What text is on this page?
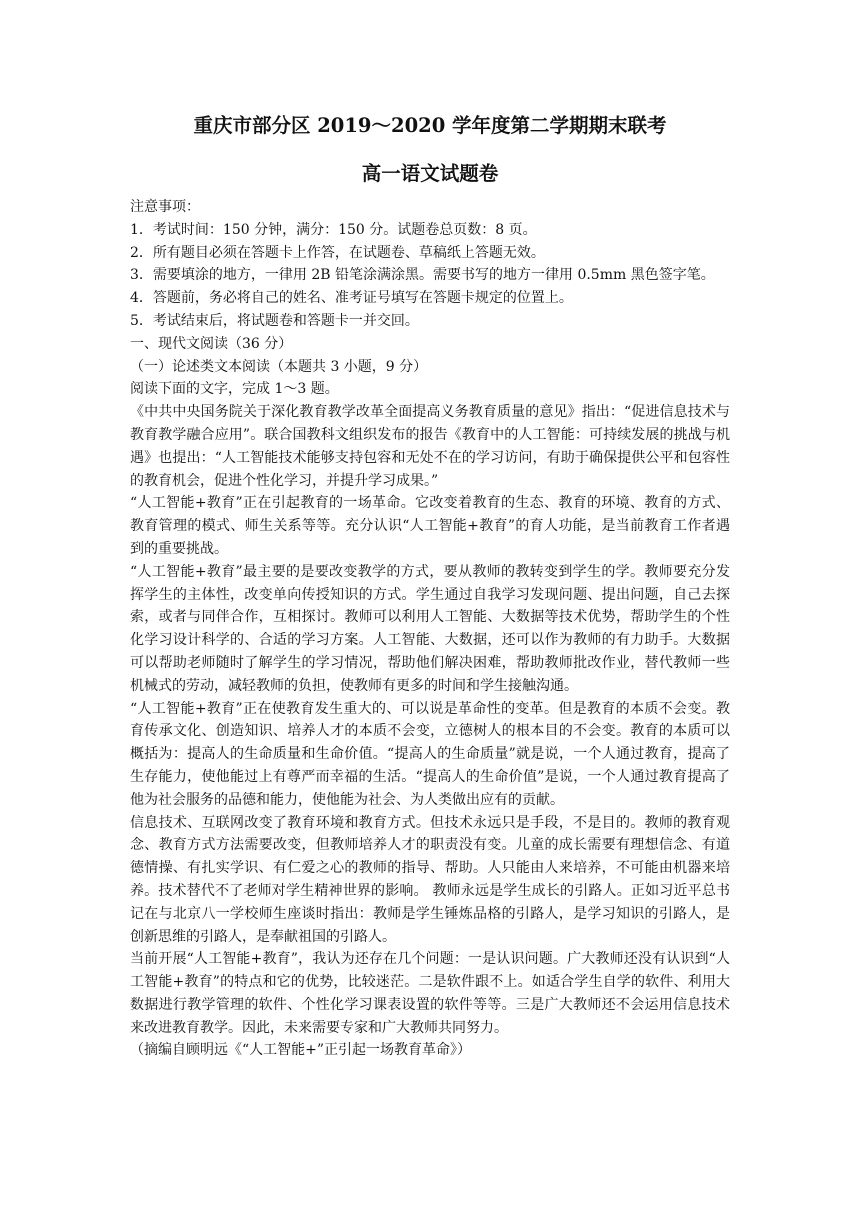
重庆市部分区 2019～2020 学年度第二学期期末联考
高一语文试题卷

注意事项：

1．考试时间：150 分钟，满分：150 分。试题卷总页数：8 页。

2．所有题目必须在答题卡上作答，在试题卷、草稿纸上答题无效。

3．需要填涂的地方，一律用 2B 铅笔涂满涂黑。需要书写的地方一律用 0.5mm 黑色签字笔。

4．答题前，务必将自己的姓名、准考证号填写在答题卡规定的位置上。

5．考试结束后，将试题卷和答题卡一并交回。

一、现代文阅读（36 分）

（一）论述类文本阅读（本题共 3 小题，9 分）

阅读下面的文字，完成 1～3 题。

《中共中央国务院关于深化教育教学改革全面提高义务教育质量的意见》指出：“促进信息技术与教育教学融合应用”。联合国教科文组织发布的报告《教育中的人工智能：可持续发展的挑战与机遇》也提出：“人工智能技术能够支持包容和无处不在的学习访问，有助于确保提供公平和包容性的教育机会，促进个性化学习，并提升学习成果。”

“人工智能+教育”正在引起教育的一场革命。它改变着教育的生态、教育的环境、教育的方式、教育管理的模式、师生关系等等。充分认识“人工智能+教育”的育人功能，是当前教育工作者遇到的重要挑战。

“人工智能+教育”最主要的是要改变教学的方式，要从教师的教转变到学生的学。教师要充分发挥学生的主体性，改变单向传授知识的方式。学生通过自我学习发现问题、提出问题，自己去探索，或者与同伴合作，互相探讨。教师可以利用人工智能、大数据等技术优势，帮助学生的个性化学习设计科学的、合适的学习方案。人工智能、大数据，还可以作为教师的有力助手。大数据可以帮助老师随时了解学生的学习情况，帮助他们解决困难，帮助教师批改作业，替代教师一些机械式的劳动，减轻教师的负担，使教师有更多的时间和学生接触沟通。

“人工智能+教育”正在使教育发生重大的、可以说是革命性的变革。但是教育的本质不会变。教育传承文化、创造知识、培养人才的本质不会变，立德树人的根本目的不会变。教育的本质可以概括为：提高人的生命质量和生命价值。“提高人的生命质量”就是说，一个人通过教育，提高了生存能力，使他能过上有尊严而幸福的生活。“提高人的生命价值”是说，一个人通过教育提高了他为社会服务的品德和能力，使他能为社会、为人类做出应有的贡献。

信息技术、互联网改变了教育环境和教育方式。但技术永远只是手段，不是目的。教师的教育观念、教育方式方法需要改变，但教师培养人才的职责没有变。儿童的成长需要有理想信念、有道德情操、有扎实学识、有仁爱之心的教师的指导、帮助。人只能由人来培养，不可能由机器来培养。技术替代不了老师对学生精神世界的影响。 教师永远是学生成长的引路人。正如习近平总书记在与北京八一学校师生座谈时指出：教师是学生锤炼品格的引路人，是学习知识的引路人，是创新思维的引路人，是奉献祖国的引路人。

当前开展“人工智能+教育”，我认为还存在几个问题：一是认识问题。广大教师还没有认识到“人工智能+教育”的特点和它的优势，比较迷茫。二是软件跟不上。如适合学生自学的软件、利用大数据进行教学管理的软件、个性化学习课表设置的软件等等。三是广大教师还不会运用信息技术来改进教育教学。因此，未来需要专家和广大教师共同努力。

（摘编自顾明远《“人工智能+”正引起一场教育革命》）
